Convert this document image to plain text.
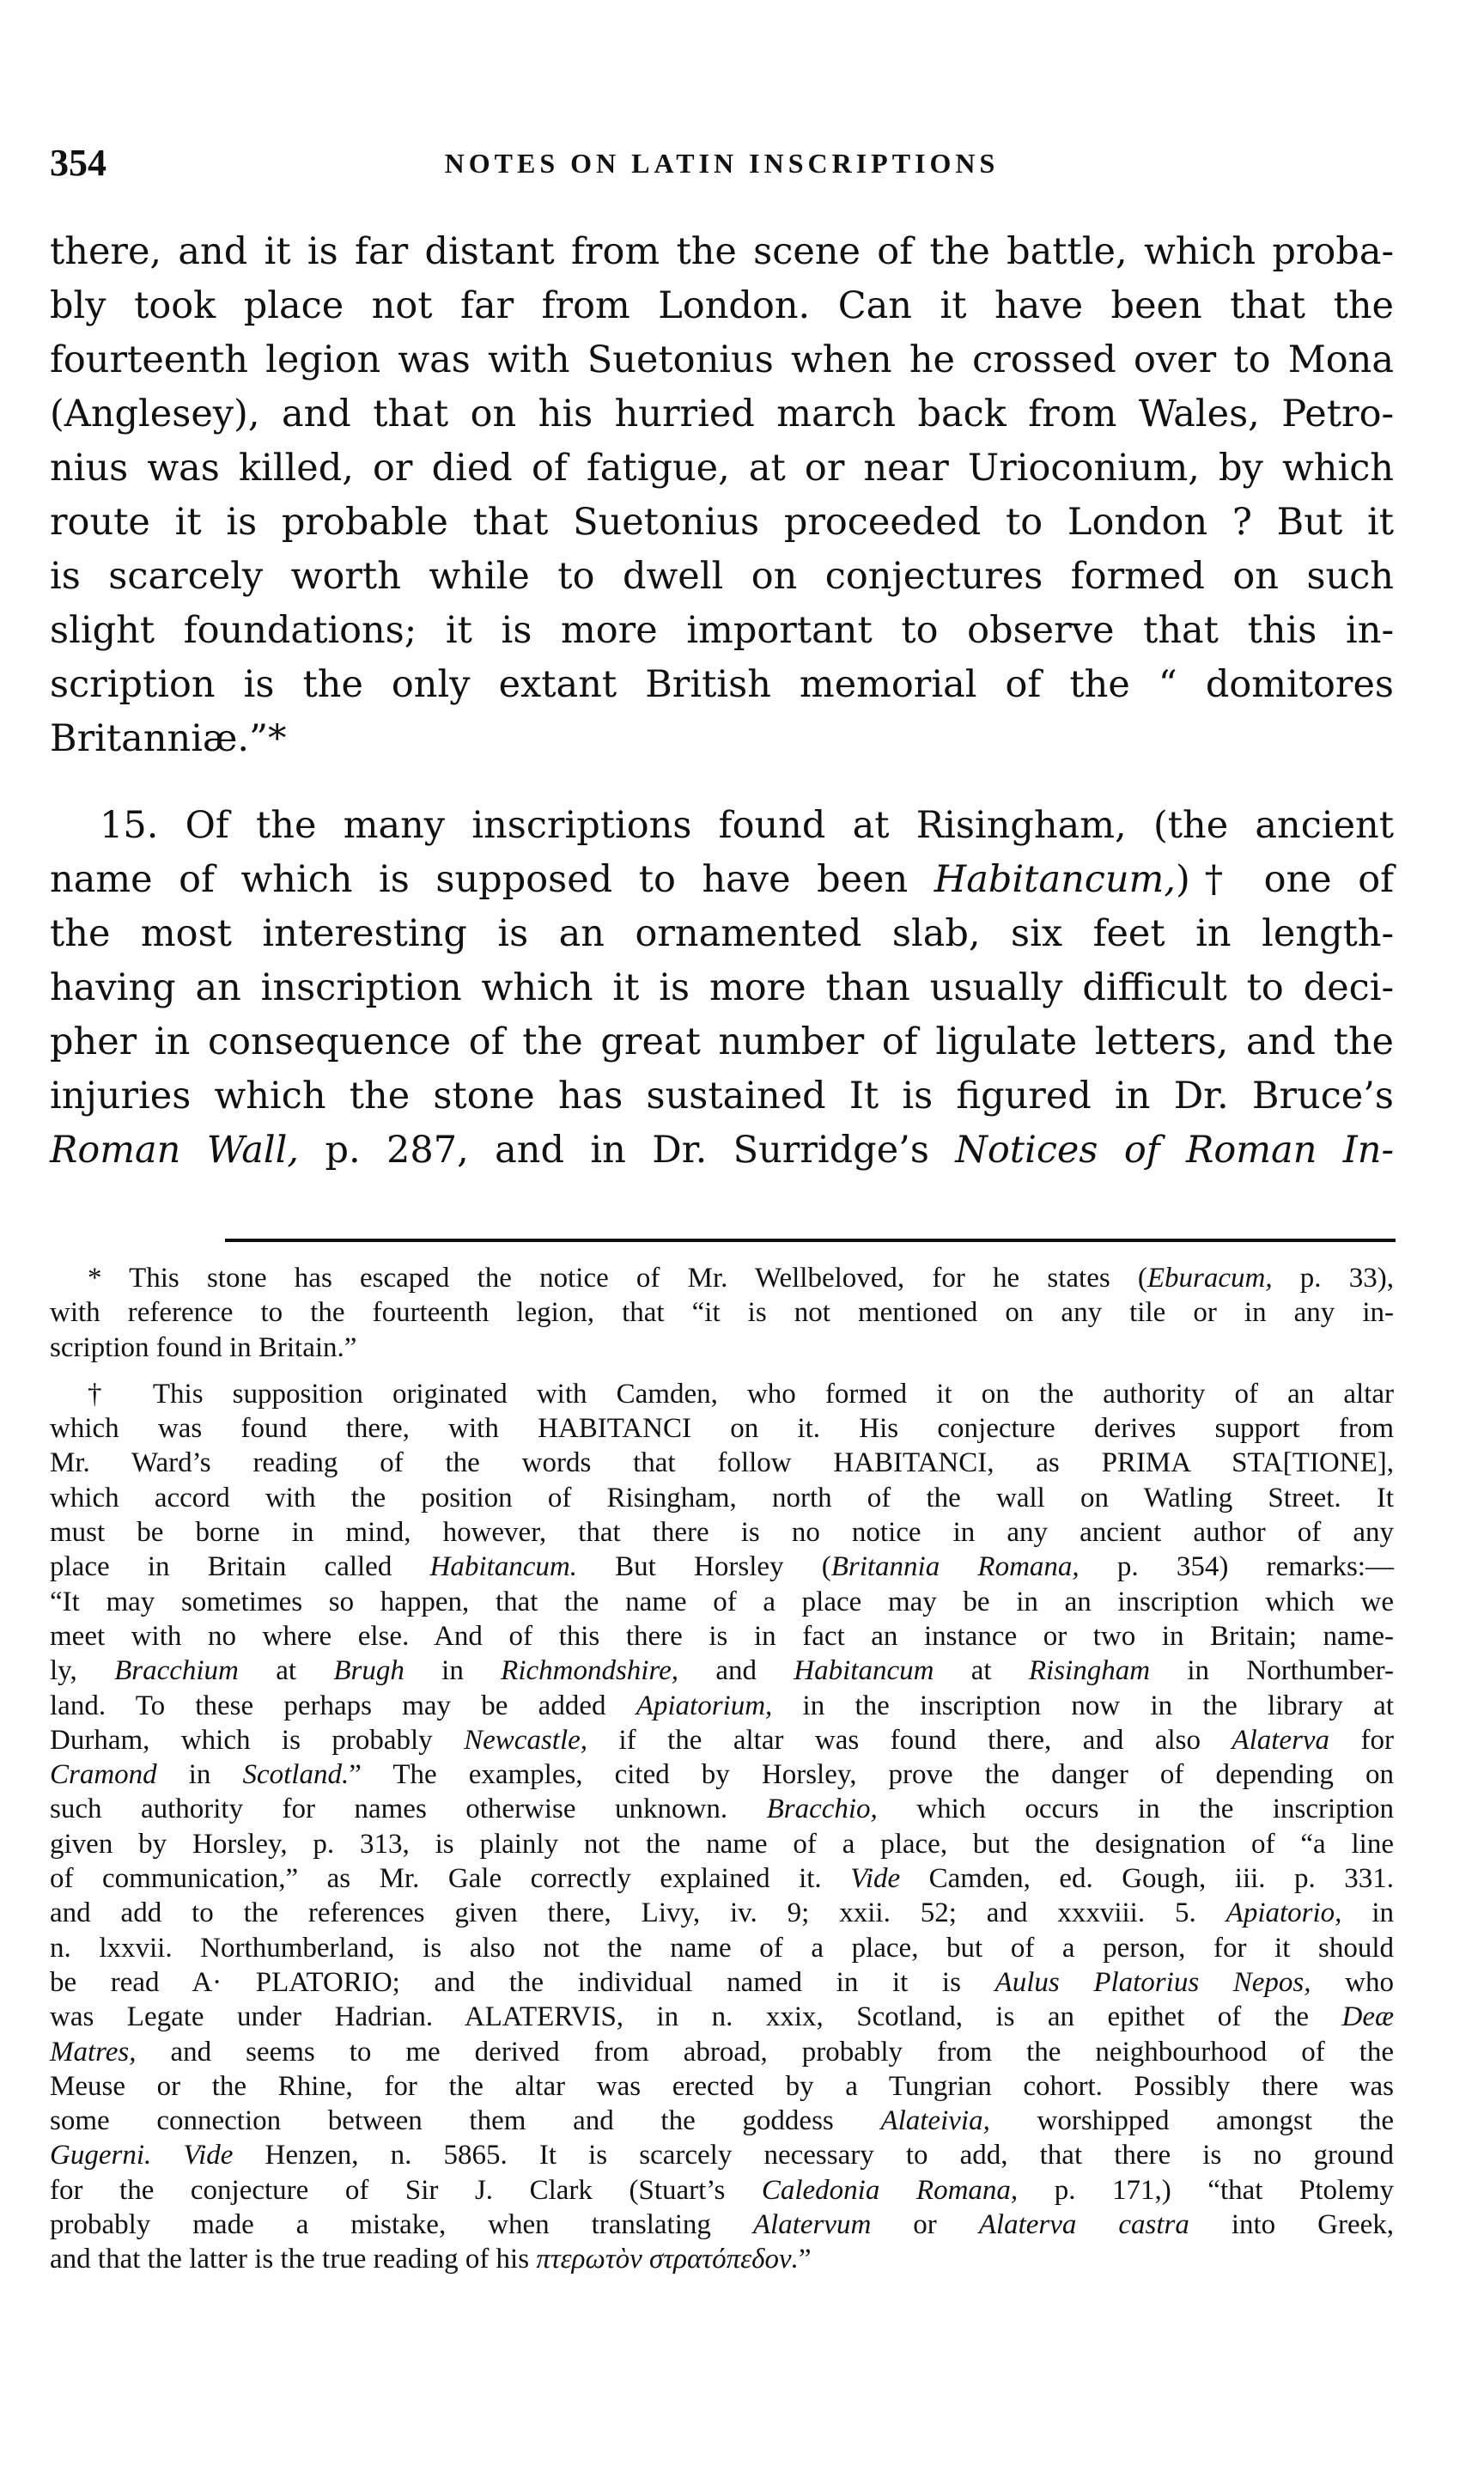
354	NOTES ON LATIN INSCRIPTIONS
there, and it is far distant from the scene of the battle, which proba-
bly took place not far from London. Can it have been that the
fourteenth legion was with Suetonius when he crossed over to Mona
(Anglesey), and that on his hurried march back from Wales, Petro-
nius was killed, or died of fatigue, at or near Urioconium, by which
route it is probable that Suetonius proceeded to London ? But it
is scarcely worth while to dwell on conjectures formed on such
slight foundations; it is more important to observe that this in-
scription is the only extant British memorial of the “ domitores
Britanniæ.”*
15. Of the many inscriptions found at Risingham, (the ancient
name of which is supposed to have been Habitancum,)† one of
the most interesting is an ornamented slab, six feet in length-
having an inscription which it is more than usually difficult to deci-
pher in consequence of the great number of ligulate letters, and the
injuries which the stone has sustained It is figured in Dr. Bruce’s
Roman Wall, p. 287, and in Dr. Surridge’s Notices of Roman In-
* This stone has escaped the notice of Mr. Wellbeloved, for he states (Eburacum, p. 33),
with reference to the fourteenth legion, that “it is not mentioned on any tile or in any in-
scription found in Britain.”
† This supposition originated with Camden, who formed it on the authority of an altar
which was found there, with HABITANCI on it. His conjecture derives support from
Mr. Ward’s reading of the words that follow HABITANCI, as PRIMA STA[TIONE],
which accord with the position of Risingham, north of the wall on Watling Street. It
must be borne in mind, however, that there is no notice in any ancient author of any
place in Britain called Habitancum. But Horsley (Britannia Romana, p. 354) remarks:—
“It may sometimes so happen, that the name of a place may be in an inscription which we
meet with no where else. And of this there is in fact an instance or two in Britain; name-
ly, Bracchium at Brugh in Richmondshire, and Habitancum at Risingham in Northumber-
land. To these perhaps may be added Apiatorium, in the inscription now in the library at
Durham, which is probably Newcastle, if the altar was found there, and also Alaterva for
Cramond in Scotland.” The examples, cited by Horsley, prove the danger of depending on
such authority for names otherwise unknown. Bracchio, which occurs in the inscription
given by Horsley, p. 313, is plainly not the name of a place, but the designation of “a line
of communication,” as Mr. Gale correctly explained it. Vide Camden, ed. Gough, iii. p. 331.
and add to the references given there, Livy, iv. 9; xxii. 52; and xxxviii. 5. Apiatorio, in
n. lxxvii. Northumberland, is also not the name of a place, but of a person, for it should
be read A· PLATORIO; and the individual named in it is Aulus Platorius Nepos, who
was Legate under Hadrian. ALATERVIS, in n. xxix, Scotland, is an epithet of the Deæ
Matres, and seems to me derived from abroad, probably from the neighbourhood of the
Meuse or the Rhine, for the altar was erected by a Tungrian cohort. Possibly there was
some connection between them and the goddess Alateivia, worshipped amongst the
Gugerni. Vide Henzen, n. 5865. It is scarcely necessary to add, that there is no ground
for the conjecture of Sir J. Clark (Stuart’s Caledonia Romana, p. 171,) “that Ptolemy
probably made a mistake, when translating Alatervum or Alaterva castra into Greek,
and that the latter is the true reading of his πτερωτὸν στρατόπεδον.”
